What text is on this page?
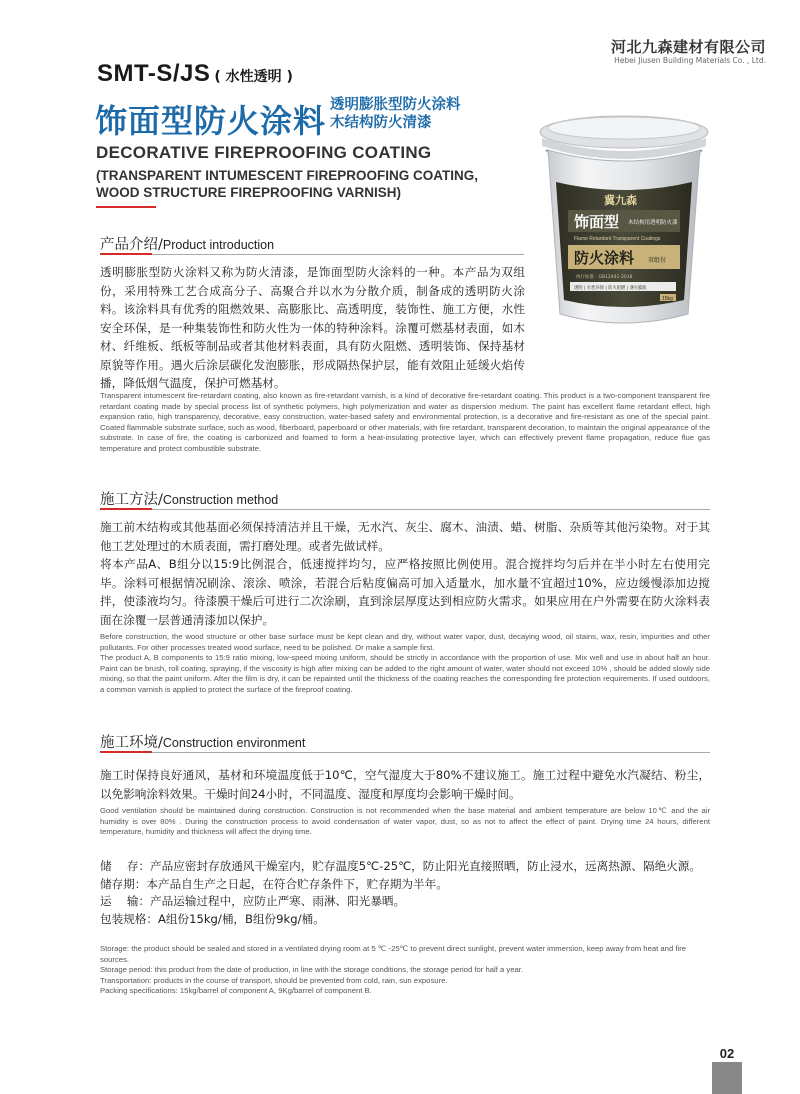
河北九森建材有限公司
Hebei Jiusen Building Materials Co. , Ltd.
SMT-S/JS ( 水性透明 )
饰面型防火涂料 透明膨胀型防火涂料
木结构防火清漆
DECORATIVE FIREPROOFING COATING
(TRANSPARENT INTUMESCENT FIREPROOFING COATING,
WOOD STRUCTURE FIREPROOFING VARNISH)
冀九森
饰面型 木结构用透明防火漆
Flame Retardant Transparent Coatings
防火涂料 双组份
执行标准：GB12441-2018
透明 | 水性环保 | 防火阻燃 | 遇火膨胀
15kg
产品介绍/Product introduction
透明膨胀型防火涂料又称为防火清漆，是饰面型防火涂料的一种。本产品为双组份，采用特殊工艺合成高分子、高聚合并以水为分散介质，制备成的透明防火涂料。该涂料具有优秀的阻燃效果、高膨胀比、高透明度，装饰性、施工方便，水性安全环保，是一种集装饰性和防火性为一体的特种涂料。涂覆可燃基材表面，如木材、纤维板、纸板等制品或者其他材料表面，具有防火阻燃、透明装饰、保持基材原貌等作用。遇火后涂层碳化发泡膨胀，形成隔热保护层，能有效阻止延缓火焰传播，降低烟气温度，保护可燃基材。
Transparent intumescent fire-retardant coating, also known as fire-retardant varnish, is a kind of decorative fire-retardant coating. This product is a two-component transparent fire retardant coating made by special process list of synthetic polymers, high polymerization and water as dispersion medium. The paint has excellent flame retardant effect, high expansion ratio, high transparency, decorative, easy construction, water-based safety and environmental protection, is a decorative and fire-resistant as one of the special paint. Coated flammable substrate surface, such as wood, fiberboard, paperboard or other materials, with fire retardant, transparent decoration, to maintain the original appearance of the substrate. In case of fire, the coating is carbonized and foamed to form a heat-insulating protective layer, which can effectively prevent flame propagation, reduce flue gas temperature and protect combustible substrate.
施工方法/Construction method
施工前木结构或其他基面必须保持清洁并且干燥，无水汽、灰尘、腐木、油渍、蜡、树脂、杂质等其他污染物。对于其他工艺处理过的木质表面，需打磨处理。或者先做试样。
将本产品A、B组分以15:9比例混合，低速搅拌均匀，应严格按照比例使用。混合搅拌均匀后并在半小时左右使用完毕。涂料可根据情况刷涂、滚涂、喷涂，若混合后粘度偏高可加入适量水，加水量不宜超过10%，应边缓慢添加边搅拌，使漆液均匀。待漆膜干燥后可进行二次涂刷，直到涂层厚度达到相应防火需求。如果应用在户外需要在防火涂料表面在涂覆一层普通清漆加以保护。
Before construction, the wood structure or other base surface must be kept clean and dry, without water vapor, dust, decaying wood, oil stains, wax, resin, impurities and other pollutants. For other processes treated wood surface, need to be polished. Or make a sample first.
The product A, B components to 15:9 ratio mixing, low-speed mixing uniform, should be strictly in accordance with the proportion of use. Mix well and use in about half an hour. Paint can be brush, roll coating, spraying, if the viscosity is high after mixing can be added to the right amount of water, water should not exceed 10% , should be added slowly side mixing, so that the paint uniform. After the film is dry, it can be repainted until the thickness of the coating reaches the corresponding fire protection requirements. If used outdoors, a common varnish is applied to protect the surface of the fireproof coating.
施工环境/Construction environment
施工时保持良好通风，基材和环境温度低于10℃，空气湿度大于80%不建议施工。施工过程中避免水汽凝结、粉尘，以免影响涂料效果。干燥时间24小时，不同温度、湿度和厚度均会影响干燥时间。
Good ventilation should be maintained during construction. Construction is not recommended when the base material and ambient temperature are below 10℃ and the air humidity is over 80% . During the construction process to avoid condensation of water vapor, dust, so as not to affect the effect of paint. Drying time 24 hours, different temperature, humidity and thickness will affect the drying time.
储　 存：产品应密封存放通风干燥室内，贮存温度5℃-25℃，防止阳光直接照晒，防止浸水，远离热源、隔绝火源。
储存期：本产品自生产之日起，在符合贮存条件下，贮存期为半年。
运　 输：产品运输过程中，应防止严寒、雨淋、阳光暴晒。
包装规格：A组份15kg/桶，B组份9kg/桶。
Storage: the product should be sealed and stored in a ventilated drying room at 5 ℃ -25℃ to prevent direct sunlight, prevent water immersion, keep away from heat and fire sources.
Storage period: this product from the date of production, in line with the storage conditions, the storage period for half a year.
Transportation: products in the course of transport, should be prevented from cold, rain, sun exposure.
Packing specifications: 15kg/barrel of component A, 9Kg/barrel of component B.
02
